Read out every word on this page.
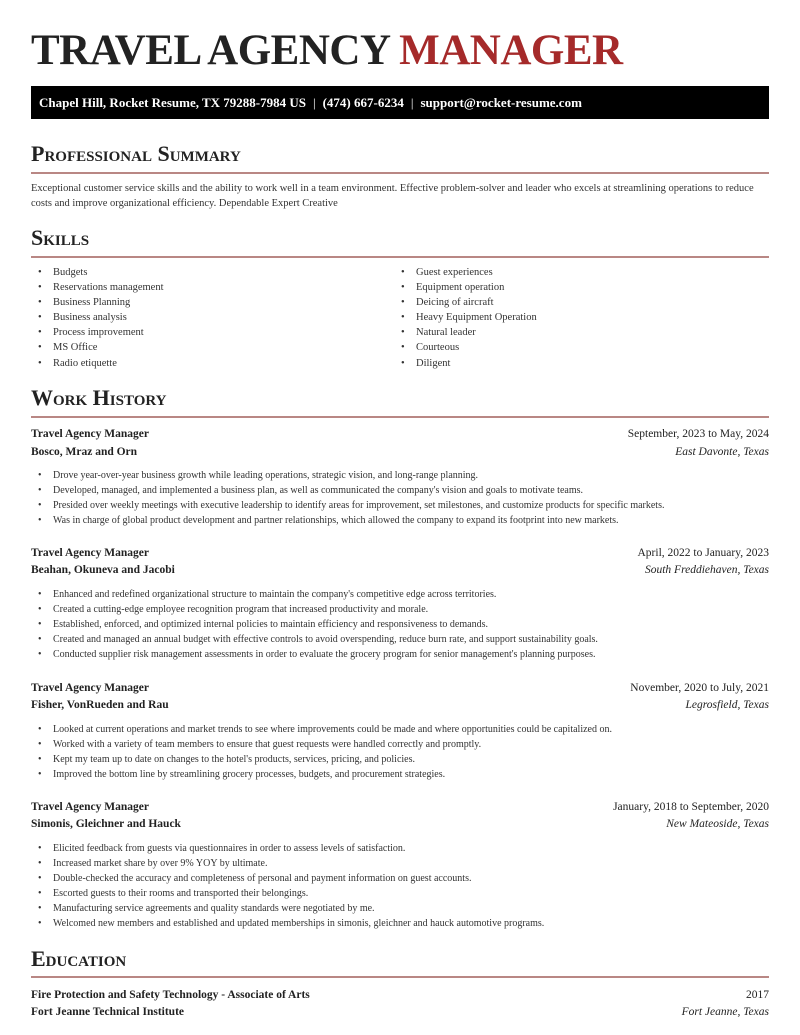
TRAVEL AGENCY MANAGER
Chapel Hill, Rocket Resume, TX 79288-7984 US | (474) 667-6234 | support@rocket-resume.com
Professional Summary

Exceptional customer service skills and the ability to work well in a team environment. Effective problem-solver and leader who excels at streamlining operations to reduce costs and improve organizational efficiency. Dependable Expert Creative

Skills
• Budgets
• Reservations management
• Business Planning
• Business analysis
• Process improvement
• MS Office
• Radio etiquette
• Guest experiences
• Equipment operation
• Deicing of aircraft
• Heavy Equipment Operation
• Natural leader
• Courteous
• Diligent
Work History
Travel Agency Manager	September, 2023 to May, 2024
Bosco, Mraz and Orn	East Davonte, Texas
• Drove year-over-year business growth while leading operations, strategic vision, and long-range planning.
• Developed, managed, and implemented a business plan, as well as communicated the company's vision and goals to motivate teams.
• Presided over weekly meetings with executive leadership to identify areas for improvement, set milestones, and customize products for specific markets.
• Was in charge of global product development and partner relationships, which allowed the company to expand its footprint into new markets.
Travel Agency Manager	April, 2022 to January, 2023
Beahan, Okuneva and Jacobi	South Freddiehaven, Texas
• Enhanced and redefined organizational structure to maintain the company's competitive edge across territories.
• Created a cutting-edge employee recognition program that increased productivity and morale.
• Established, enforced, and optimized internal policies to maintain efficiency and responsiveness to demands.
• Created and managed an annual budget with effective controls to avoid overspending, reduce burn rate, and support sustainability goals.
• Conducted supplier risk management assessments in order to evaluate the grocery program for senior management's planning purposes.
Travel Agency Manager	November, 2020 to July, 2021
Fisher, VonRueden and Rau	Legrosfield, Texas
• Looked at current operations and market trends to see where improvements could be made and where opportunities could be capitalized on.
• Worked with a variety of team members to ensure that guest requests were handled correctly and promptly.
• Kept my team up to date on changes to the hotel's products, services, pricing, and policies.
• Improved the bottom line by streamlining grocery processes, budgets, and procurement strategies.
Travel Agency Manager	January, 2018 to September, 2020
Simonis, Gleichner and Hauck	New Mateoside, Texas
• Elicited feedback from guests via questionnaires in order to assess levels of satisfaction.
• Increased market share by over 9% YOY by ultimate.
• Double-checked the accuracy and completeness of personal and payment information on guest accounts.
• Escorted guests to their rooms and transported their belongings.
• Manufacturing service agreements and quality standards were negotiated by me.
• Welcomed new members and established and updated memberships in simonis, gleichner and hauck automotive programs.
Education
Fire Protection and Safety Technology - Associate of Arts	2017
Fort Jeanne Technical Institute	Fort Jeanne, Texas
